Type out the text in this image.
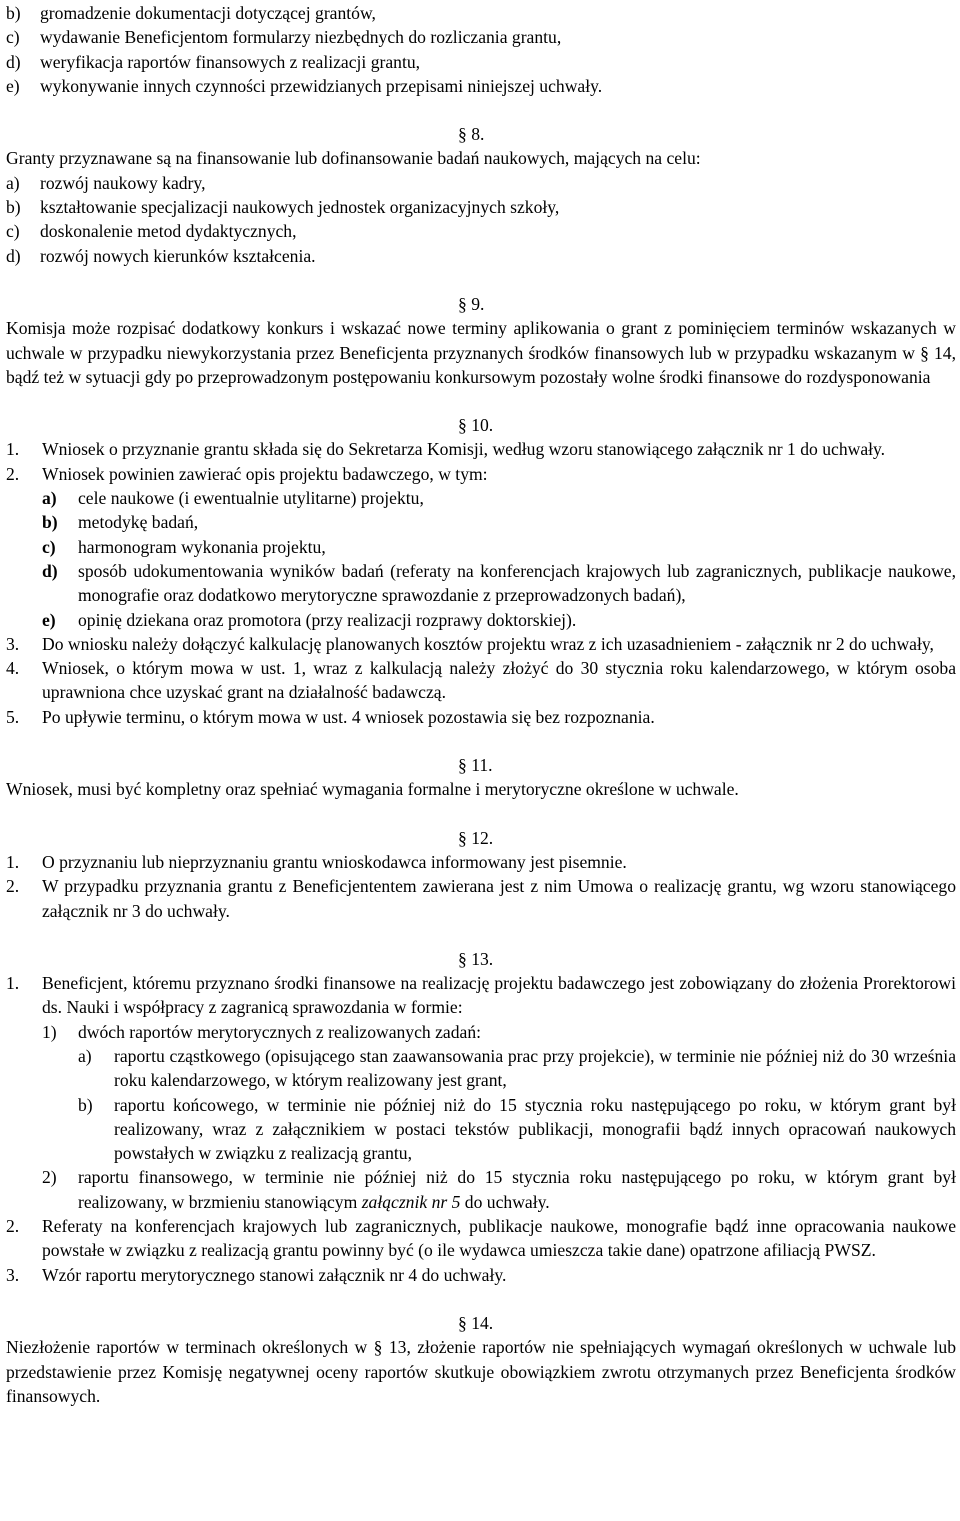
b)	gromadzenie dokumentacji dotyczącej grantów,
c)	wydawanie Beneficjentom formularzy niezbędnych do rozliczania grantu,
d)	weryfikacja raportów finansowych z realizacji grantu,
e)	wykonywanie innych czynności przewidzianych przepisami niniejszej uchwały.
§ 8.
Granty przyznawane są na finansowanie lub dofinansowanie badań naukowych, mających na celu:
a)	rozwój naukowy kadry,
b)	kształtowanie specjalizacji naukowych jednostek organizacyjnych szkoły,
c)	doskonalenie metod dydaktycznych,
d)	rozwój nowych kierunków kształcenia.
§ 9.
Komisja może rozpisać dodatkowy konkurs i wskazać nowe terminy aplikowania o grant z pominięciem terminów wskazanych w uchwale w przypadku niewykorzystania przez Beneficjenta przyznanych środków finansowych lub w przypadku wskazanym w § 14, bądź też w sytuacji gdy po przeprowadzonym postępowaniu konkursowym pozostały wolne środki finansowe do rozdysponowania
§ 10.
1.	Wniosek o przyznanie grantu składa się do Sekretarza Komisji, według wzoru stanowiącego załącznik nr 1 do uchwały.
2.	Wniosek powinien zawierać opis projektu badawczego, w tym:
a)	cele naukowe (i ewentualnie utylitarne) projektu,
b)	metodykę badań,
c)	harmonogram wykonania projektu,
d)	sposób udokumentowania wyników badań (referaty na konferencjach krajowych lub zagranicznych, publikacje naukowe, monografie oraz dodatkowo merytoryczne sprawozdanie z przeprowadzonych badań),
e)	opinię dziekana oraz promotora (przy realizacji rozprawy doktorskiej).
3.	Do wniosku należy dołączyć kalkulację planowanych kosztów projektu wraz z ich uzasadnieniem - załącznik nr 2 do uchwały,
4.	Wniosek, o którym mowa w ust. 1, wraz z kalkulacją należy złożyć do 30 stycznia roku kalendarzowego, w którym osoba uprawniona chce uzyskać grant na działalność badawczą.
5.	Po upływie terminu, o którym mowa w ust. 4 wniosek pozostawia się bez rozpoznania.
§ 11.
Wniosek, musi być kompletny oraz spełniać wymagania formalne i merytoryczne określone w uchwale.
§ 12.
1.	O przyznaniu lub nieprzyznaniu grantu wnioskodawca informowany jest pisemnie.
2.	W przypadku przyznania grantu z Beneficjententem zawierana jest z nim Umowa o realizację grantu, wg wzoru stanowiącego załącznik nr 3 do uchwały.
§ 13.
1.	Beneficjent, któremu przyznano środki finansowe na realizację projektu badawczego jest zobowiązany do złożenia Prorektorowi ds. Nauki i współpracy z zagranicą sprawozdania w formie:
1)	dwóch raportów merytorycznych z realizowanych zadań:
a)	raportu cząstkowego (opisującego stan zaawansowania prac przy projekcie), w terminie nie później niż do 30 września roku kalendarzowego, w którym realizowany jest grant,
b)	raportu końcowego, w terminie nie później niż do 15 stycznia roku następującego po roku, w którym grant był realizowany, wraz z załącznikiem w postaci tekstów publikacji, monografii bądź innych opracowań naukowych powstałych w związku z realizacją grantu,
2)	raportu finansowego, w terminie nie później niż do 15 stycznia roku następującego po roku, w którym grant był realizowany, w brzmieniu stanowiącym załącznik nr 5 do uchwały.
2.	Referaty na konferencjach krajowych lub zagranicznych, publikacje naukowe, monografie bądź inne opracowania naukowe powstałe w związku z realizacją grantu powinny być (o ile wydawca umieszcza takie dane) opatrzone afiliacją PWSZ.
3.	Wzór raportu merytorycznego stanowi załącznik nr 4 do uchwały.
§ 14.
Niezłożenie raportów w terminach określonych w § 13, złożenie raportów nie spełniających wymagań określonych w uchwale lub przedstawienie przez Komisję negatywnej oceny raportów skutkuje obowiązkiem zwrotu otrzymanych przez Beneficjenta środków finansowych.
